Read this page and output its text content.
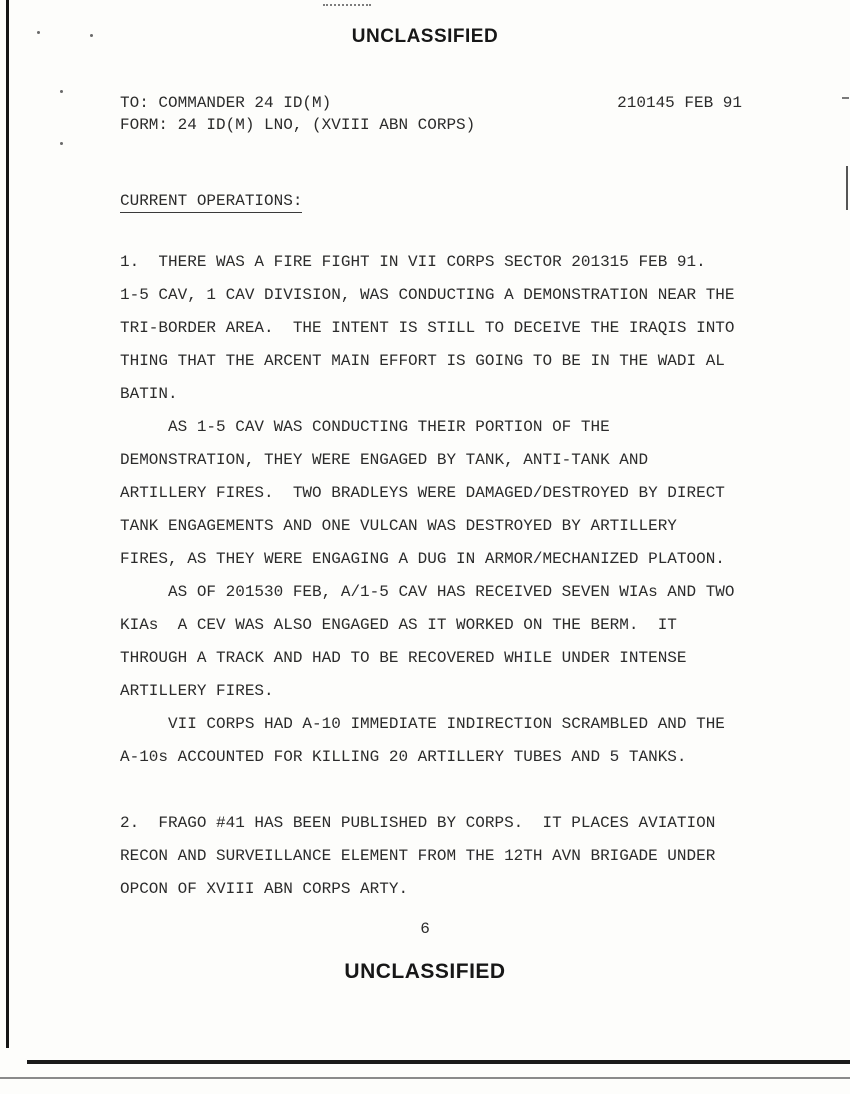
UNCLASSIFIED
TO: COMMANDER 24 ID(M)	210145 FEB 91
FORM: 24 ID(M) LNO, (XVIII ABN CORPS)
CURRENT OPERATIONS:
1.  THERE WAS A FIRE FIGHT IN VII CORPS SECTOR 201315 FEB 91.
1-5 CAV, 1 CAV DIVISION, WAS CONDUCTING A DEMONSTRATION NEAR THE
TRI-BORDER AREA.  THE INTENT IS STILL TO DECEIVE THE IRAQIS INTO
THING THAT THE ARCENT MAIN EFFORT IS GOING TO BE IN THE WADI AL
BATIN.
AS 1-5 CAV WAS CONDUCTING THEIR PORTION OF THE
DEMONSTRATION, THEY WERE ENGAGED BY TANK, ANTI-TANK AND
ARTILLERY FIRES.  TWO BRADLEYS WERE DAMAGED/DESTROYED BY DIRECT
TANK ENGAGEMENTS AND ONE VULCAN WAS DESTROYED BY ARTILLERY
FIRES, AS THEY WERE ENGAGING A DUG IN ARMOR/MECHANIZED PLATOON.
AS OF 201530 FEB, A/1-5 CAV HAS RECEIVED SEVEN WIAs AND TWO
KIAs  A CEV WAS ALSO ENGAGED AS IT WORKED ON THE BERM.  IT
THROUGH A TRACK AND HAD TO BE RECOVERED WHILE UNDER INTENSE
ARTILLERY FIRES.
VII CORPS HAD A-10 IMMEDIATE INDIRECTION SCRAMBLED AND THE
A-10s ACCOUNTED FOR KILLING 20 ARTILLERY TUBES AND 5 TANKS.
2.  FRAGO #41 HAS BEEN PUBLISHED BY CORPS.  IT PLACES AVIATION
RECON AND SURVEILLANCE ELEMENT FROM THE 12TH AVN BRIGADE UNDER
OPCON OF XVIII ABN CORPS ARTY.
6
UNCLASSIFIED
